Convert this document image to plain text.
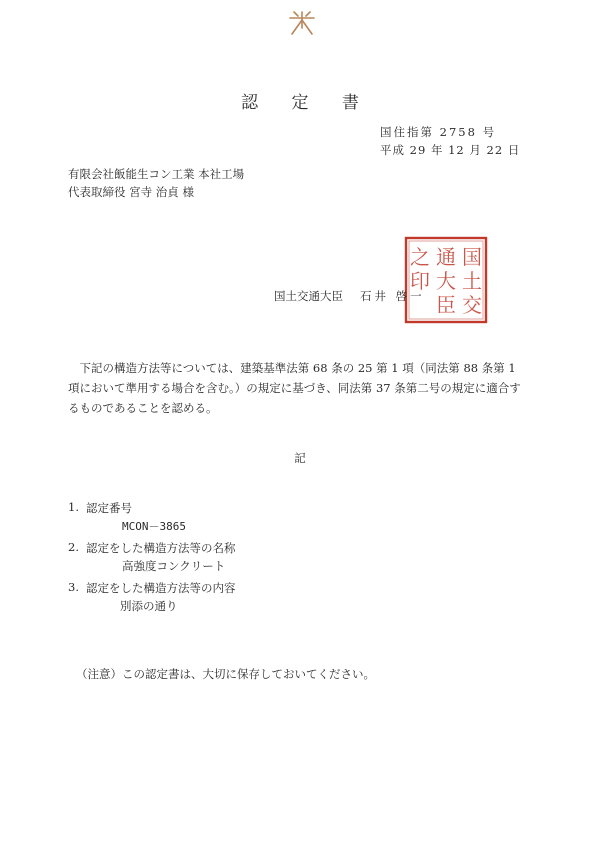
認 定 書
国住指第 2758 号
平成 29 年 12 月 22 日
有限会社飯能生コン工業 本社工場
代表取締役 宮寺 治貞 様
国
土
交
通
大
臣
之
印
国土交通大臣 石井 啓一
下記の構造方法等については、建築基準法第 68 条の 25 第 1 項（同法第 88 条第 1 項において準用する場合を含む。）の規定に基づき、同法第 37 条第二号の規定に適合するものであることを認める。
記
1. 認定番号
MCON－3865
2. 認定をした構造方法等の名称
高強度コンクリート
3. 認定をした構造方法等の内容
別添の通り
（注意）この認定書は、大切に保存しておいてください。
